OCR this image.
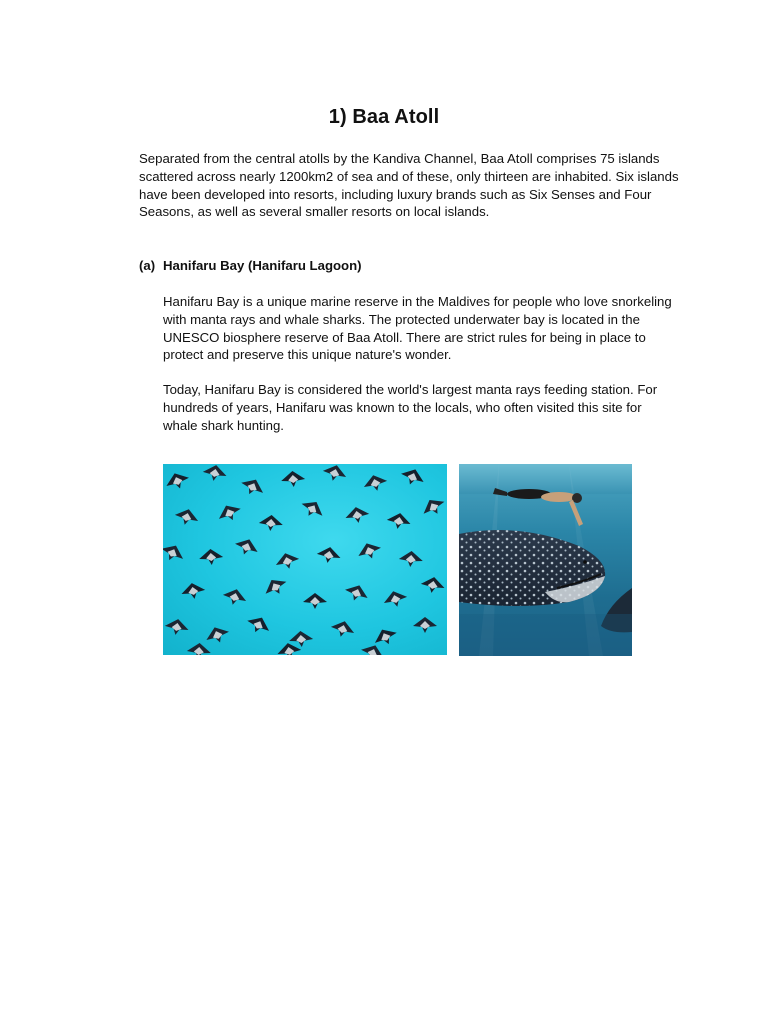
1) Baa Atoll
Separated from the central atolls by the Kandiva Channel, Baa Atoll comprises 75 islands scattered across nearly 1200km2 of sea and of these, only thirteen are inhabited. Six islands have been developed into resorts, including luxury brands such as Six Senses and Four Seasons, as well as several smaller resorts on local islands.
(a) Hanifaru Bay (Hanifaru Lagoon)
Hanifaru Bay is a unique marine reserve in the Maldives for people who love snorkeling with manta rays and whale sharks. The protected underwater bay is located in the UNESCO biosphere reserve of Baa Atoll. There are strict rules for being in place to protect and preserve this unique nature's wonder.
Today, Hanifaru Bay is considered the world's largest manta rays feeding station. For hundreds of years, Hanifaru was known to the locals, who often visited this site for whale shark hunting.
